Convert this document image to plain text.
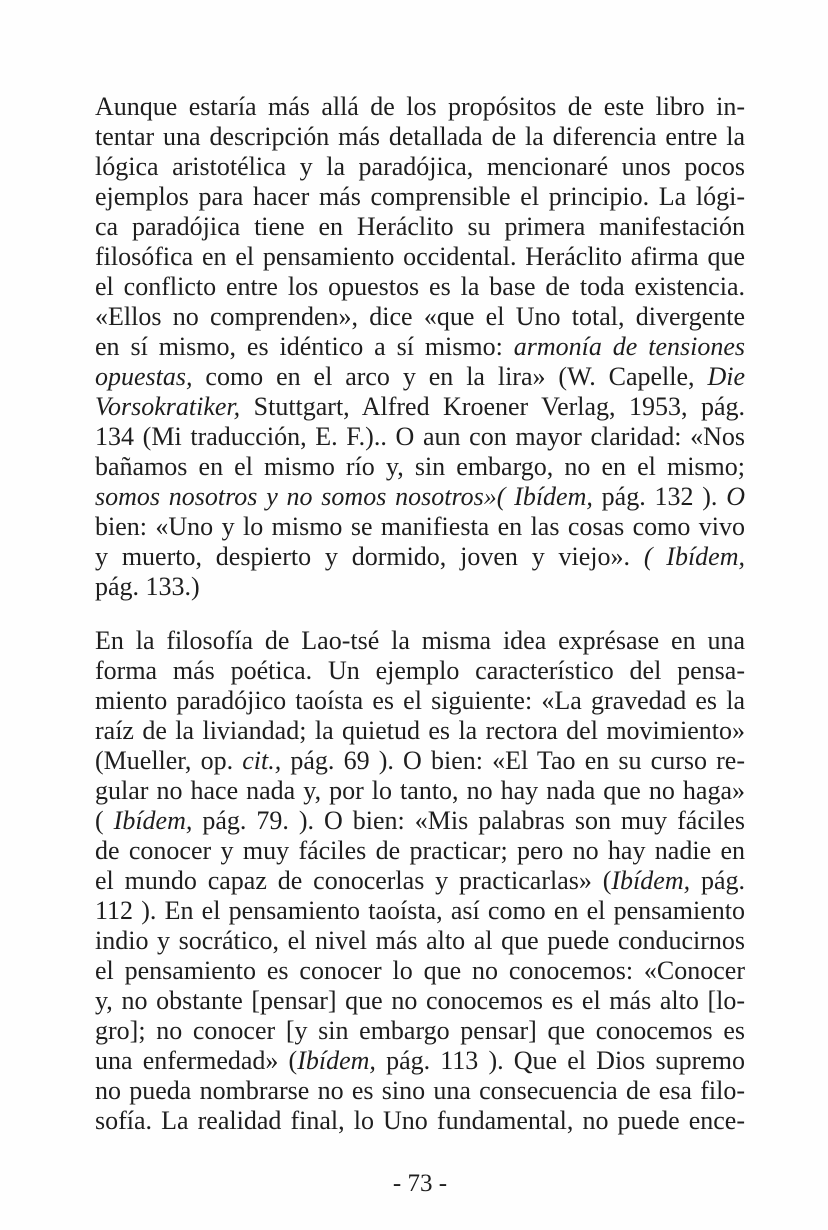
Aunque estaría más allá de los propósitos de este libro in-
tentar una descripción más detallada de la diferencia entre la
lógica aristotélica y la paradójica, mencionaré unos pocos
ejemplos para hacer más comprensible el principio. La lógi-
ca paradójica tiene en Heráclito su primera manifestación
filosófica en el pensamiento occidental. Heráclito afirma que
el conflicto entre los opuestos es la base de toda existencia.
«Ellos no comprenden», dice «que el Uno total, divergente
en sí mismo, es idéntico a sí mismo: armonía de tensiones
opuestas, como en el arco y en la lira» (W. Capelle, Die
Vorsokratiker, Stuttgart, Alfred Kroener Verlag, 1953, pág.
134 (Mi traducción, E. F.).. O aun con mayor claridad: «Nos
bañamos en el mismo río y, sin embargo, no en el mismo;
somos nosotros y no somos nosotros»( Ibídem, pág. 132 ). O
bien: «Uno y lo mismo se manifiesta en las cosas como vivo
y muerto, despierto y dormido, joven y viejo». ( Ibídem,
pág. 133.)
En la filosofía de Lao-tsé la misma idea exprésase en una
forma más poética. Un ejemplo característico del pensa-
miento paradójico taoísta es el siguiente: «La gravedad es la
raíz de la liviandad; la quietud es la rectora del movimiento»
(Mueller, op. cit., pág. 69 ). O bien: «El Tao en su curso re-
gular no hace nada y, por lo tanto, no hay nada que no haga»
( Ibídem, pág. 79. ). O bien: «Mis palabras son muy fáciles
de conocer y muy fáciles de practicar; pero no hay nadie en
el mundo capaz de conocerlas y practicarlas» (Ibídem, pág.
112 ). En el pensamiento taoísta, así como en el pensamiento
indio y socrático, el nivel más alto al que puede conducirnos
el pensamiento es conocer lo que no conocemos: «Conocer
y, no obstante [pensar] que no conocemos es el más alto [lo-
gro]; no conocer [y sin embargo pensar] que conocemos es
una enfermedad» (Ibídem, pág. 113 ). Que el Dios supremo
no pueda nombrarse no es sino una consecuencia de esa filo-
sofía. La realidad final, lo Uno fundamental, no puede ence-
- 73 -
